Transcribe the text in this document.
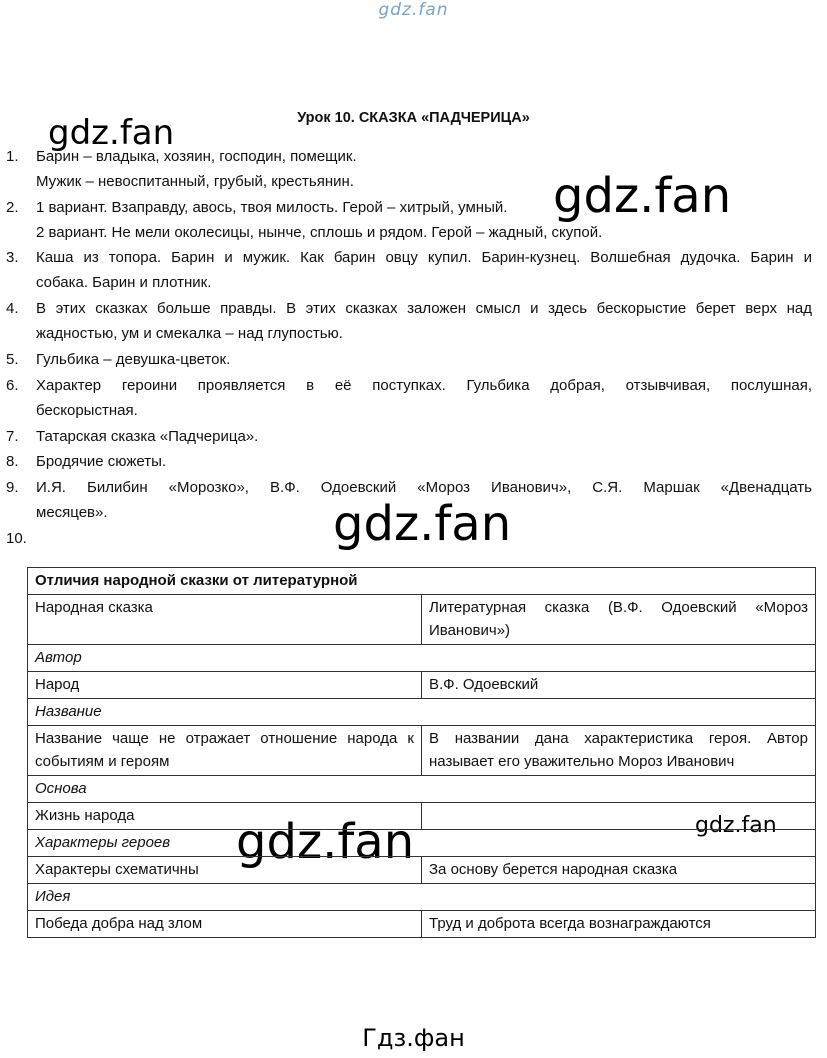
gdz.fan
gdz.fan
gdz.fan
gdz.fan
gdz.fan	gdz.fan
Гдз.фан
Урок 10. СКАЗКА «ПАДЧЕРИЦА»
1. Барин – владыка, хозяин, господин, помещик.
Мужик – невоспитанный, грубый, крестьянин.
2. 1 вариант. Взаправду, авось, твоя милость. Герой – хитрый, умный.
2 вариант. Не мели околесицы, нынче, сплошь и рядом. Герой – жадный, скупой.
3. Каша из топора. Барин и мужик. Как барин овцу купил. Барин-кузнец. Волшебная дудочка. Барин и
собака. Барин и плотник.
4. В этих сказках больше правды. В этих сказках заложен смысл и здесь бескорыстие берет верх над
жадностью, ум и смекалка – над глупостью.
5. Гульбика – девушка-цветок.
6. Характер героини проявляется в её поступках. Гульбика добрая, отзывчивая, послушная,
бескорыстная.
7. Татарская сказка «Падчерица».
8. Бродячие сюжеты.
9. И.Я. Билибин «Морозко», В.Ф. Одоевский «Мороз Иванович», С.Я. Маршак «Двенадцать
месяцев».
10.
Отличия народной сказки от литературной	
Народная сказка	Литературная сказка (В.Ф. Одоевский «Мороз Иванович»)
Автор	
Народ	В.Ф. Одоевский
Название	
Название чаще не отражает отношение народа к событиям и героям	В названии дана характеристика героя. Автор называет его уважительно Мороз Иванович
Основа	
Жизнь народа	
Характеры героев	
Характеры схематичны	За основу берется народная сказка
Идея	
Победа добра над злом	Труд и доброта всегда вознаграждаются
